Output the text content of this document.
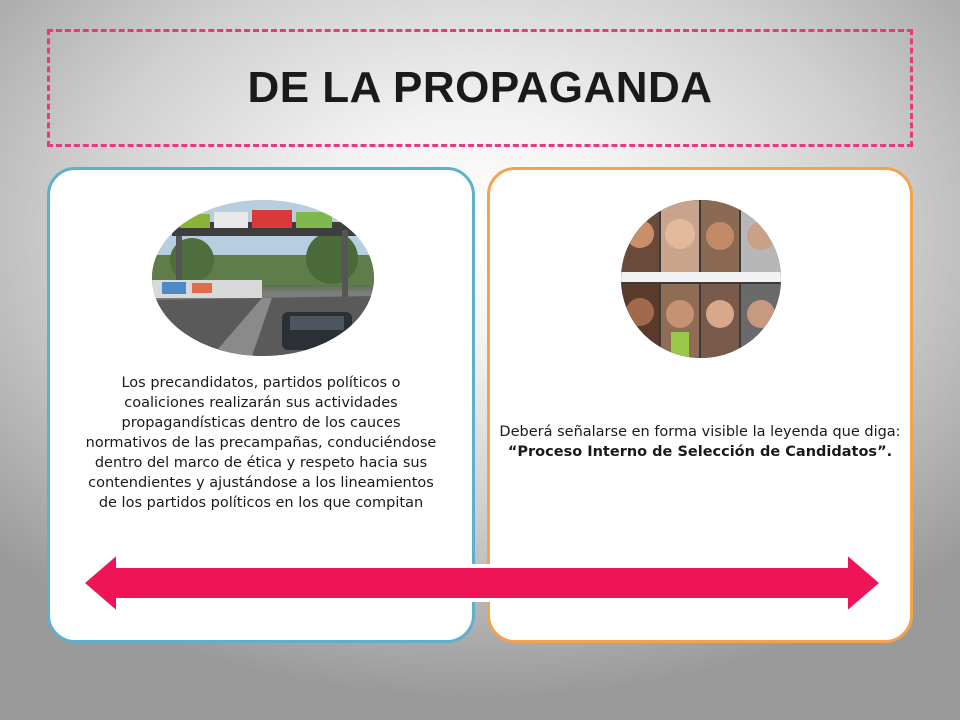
DE LA PROPAGANDA
Los precandidatos, partidos políticos o coaliciones realizarán sus actividades propagandísticas dentro de los cauces normativos de las precampañas, conduciéndose dentro del marco de ética y respeto hacia sus contendientes y ajustándose a los lineamientos de los partidos políticos en los que compitan
Deberá señalarse en forma visible la leyenda que diga: “Proceso Interno de Selección de Candidatos”.
